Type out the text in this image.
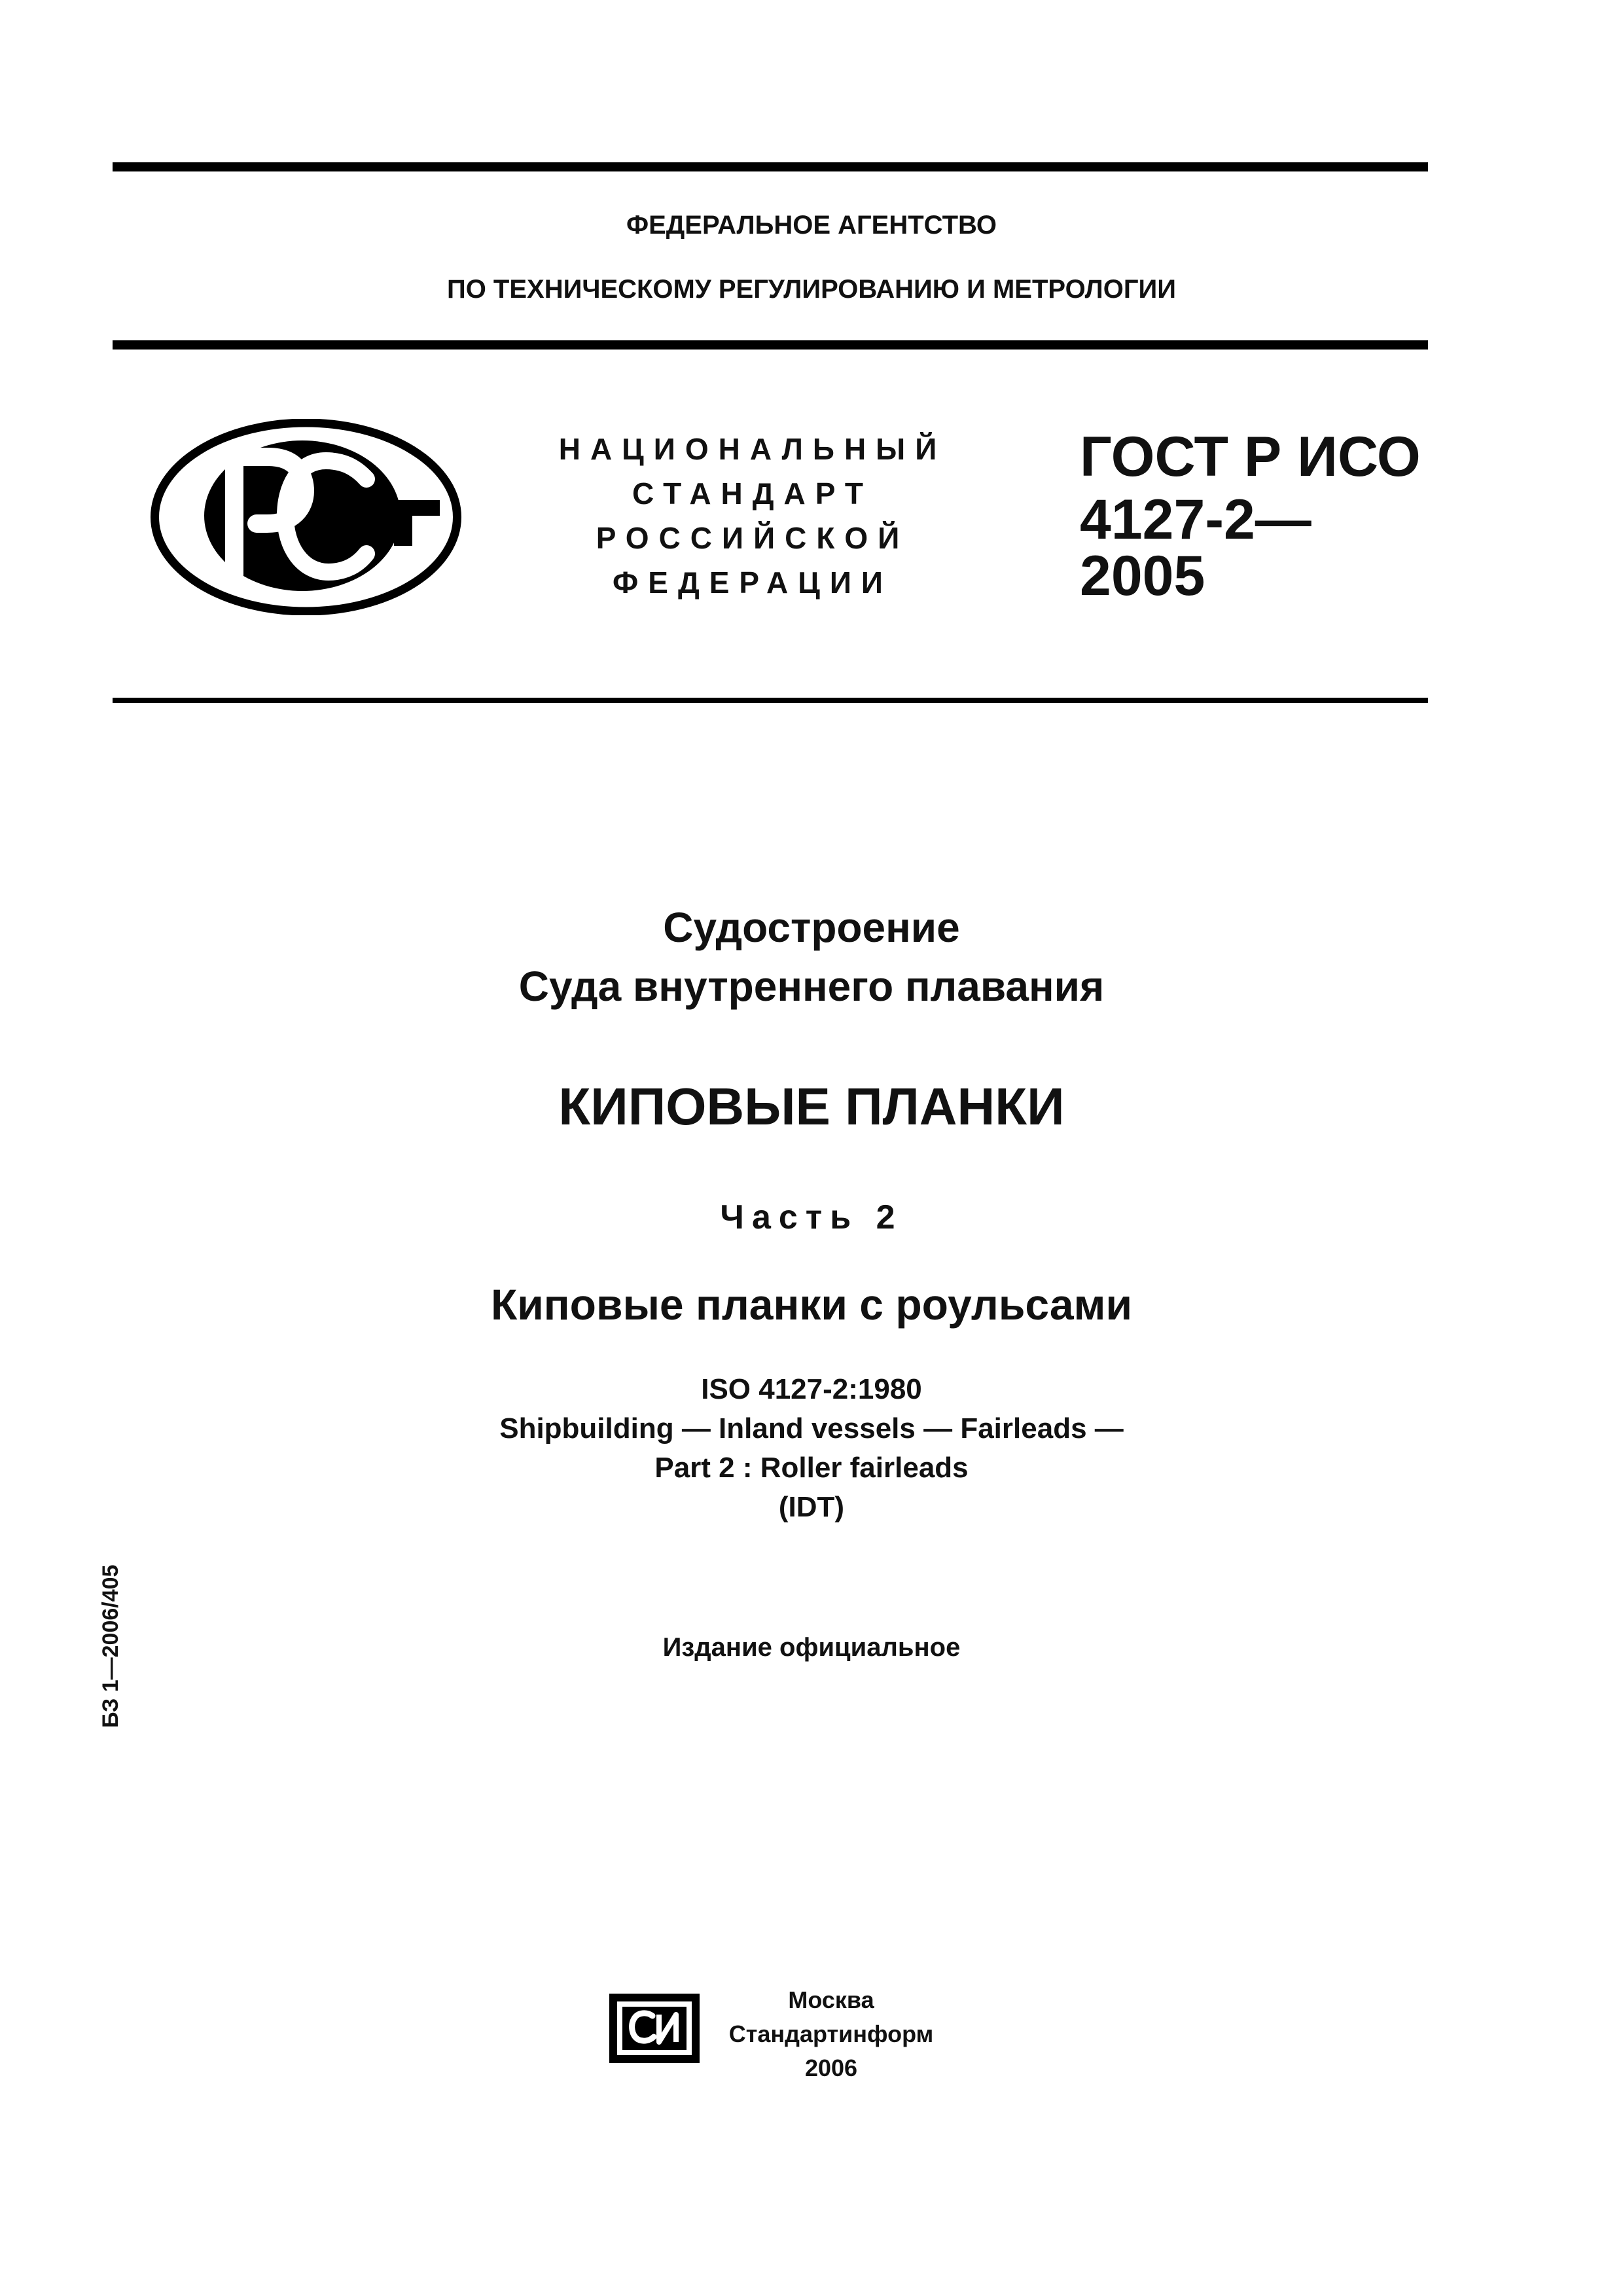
ФЕДЕРАЛЬНОЕ АГЕНТСТВО
ПО ТЕХНИЧЕСКОМУ РЕГУЛИРОВАНИЮ И МЕТРОЛОГИИ
НАЦИОНАЛЬНЫЙ
СТАНДАРТ
РОССИЙСКОЙ
ФЕДЕРАЦИИ
ГОСТ Р ИСО
4127-2—
2005
Судостроение
Суда внутреннего плавания
КИПОВЫЕ ПЛАНКИ
Часть 2
Киповые планки с роульсами
ISO 4127-2:1980
Shipbuilding — Inland vessels — Fairleads —
Part 2 : Roller fairleads
(IDT)
Издание официальное
БЗ 1—2006/405
Москва
Стандартинформ
2006
